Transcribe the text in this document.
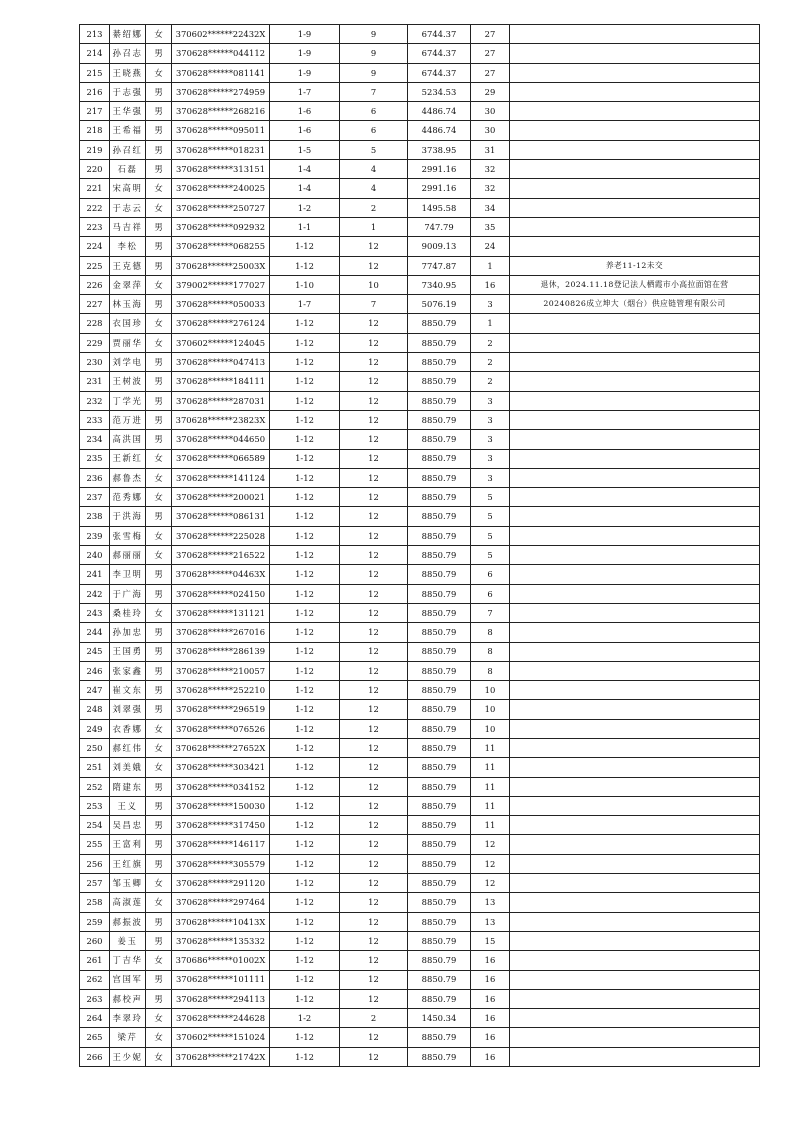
213	綦绍娜	女	370602******22432X	1-9	9	6744.37	27	
214	孙召志	男	370628******044112	1-9	9	6744.37	27	
215	王晓燕	女	370628******081141	1-9	9	6744.37	27	
216	于志强	男	370628******274959	1-7	7	5234.53	29	
217	王华强	男	370628******268216	1-6	6	4486.74	30	
218	王希福	男	370628******095011	1-6	6	4486.74	30	
219	孙召红	男	370628******018231	1-5	5	3738.95	31	
220	石磊	男	370628******313151	1-4	4	2991.16	32	
221	宋高明	女	370628******240025	1-4	4	2991.16	32	
222	于志云	女	370628******250727	1-2	2	1495.58	34	
223	马吉祥	男	370628******092932	1-1	1	747.79	35	
224	李松	男	370628******068255	1-12	12	9009.13	24	
225	王克德	男	370628******25003X	1-12	12	7747.87	1	养老11-12未交
226	金翠萍	女	379002******177027	1-10	10	7340.95	16	退休，2024.11.18登记法人栖霞市小高拉面馆在营
227	林玉海	男	370628******050033	1-7	7	5076.19	3	20240826成立坤大（烟台）供应链管理有限公司
228	衣国珍	女	370628******276124	1-12	12	8850.79	1	
229	贾丽华	女	370602******124045	1-12	12	8850.79	2	
230	刘学电	男	370628******047413	1-12	12	8850.79	2	
231	王树波	男	370628******184111	1-12	12	8850.79	2	
232	丁学光	男	370628******287031	1-12	12	8850.79	3	
233	范万进	男	370628******23823X	1-12	12	8850.79	3	
234	高洪国	男	370628******044650	1-12	12	8850.79	3	
235	王新红	女	370628******066589	1-12	12	8850.79	3	
236	郝鲁杰	女	370628******141124	1-12	12	8850.79	3	
237	范秀娜	女	370628******200021	1-12	12	8850.79	5	
238	于洪海	男	370628******086131	1-12	12	8850.79	5	
239	张雪梅	女	370628******225028	1-12	12	8850.79	5	
240	郝丽丽	女	370628******216522	1-12	12	8850.79	5	
241	李卫明	男	370628******04463X	1-12	12	8850.79	6	
242	于广海	男	370628******024150	1-12	12	8850.79	6	
243	桑桂玲	女	370628******131121	1-12	12	8850.79	7	
244	孙加忠	男	370628******267016	1-12	12	8850.79	8	
245	王国勇	男	370628******286139	1-12	12	8850.79	8	
246	张家鑫	男	370628******210057	1-12	12	8850.79	8	
247	崔文东	男	370628******252210	1-12	12	8850.79	10	
248	刘翠强	男	370628******296519	1-12	12	8850.79	10	
249	衣香娜	女	370628******076526	1-12	12	8850.79	10	
250	郝红伟	女	370628******27652X	1-12	12	8850.79	11	
251	刘美娥	女	370628******303421	1-12	12	8850.79	11	
252	隋建东	男	370628******034152	1-12	12	8850.79	11	
253	王义	男	370628******150030	1-12	12	8850.79	11	
254	吴昌忠	男	370628******317450	1-12	12	8850.79	11	
255	王富利	男	370628******146117	1-12	12	8850.79	12	
256	王红旗	男	370628******305579	1-12	12	8850.79	12	
257	邹玉卿	女	370628******291120	1-12	12	8850.79	12	
258	高淑莲	女	370628******297464	1-12	12	8850.79	13	
259	郝振波	男	370628******10413X	1-12	12	8850.79	13	
260	姜玉	男	370628******135332	1-12	12	8850.79	15	
261	丁吉华	女	370686******01002X	1-12	12	8850.79	16	
262	宫国军	男	370628******101111	1-12	12	8850.79	16	
263	郝校声	男	370628******294113	1-12	12	8850.79	16	
264	李翠玲	女	370628******244628	1-2	2	1450.34	16	
265	梁芹	女	370602******151024	1-12	12	8850.79	16	
266	王少妮	女	370628******21742X	1-12	12	8850.79	16	
